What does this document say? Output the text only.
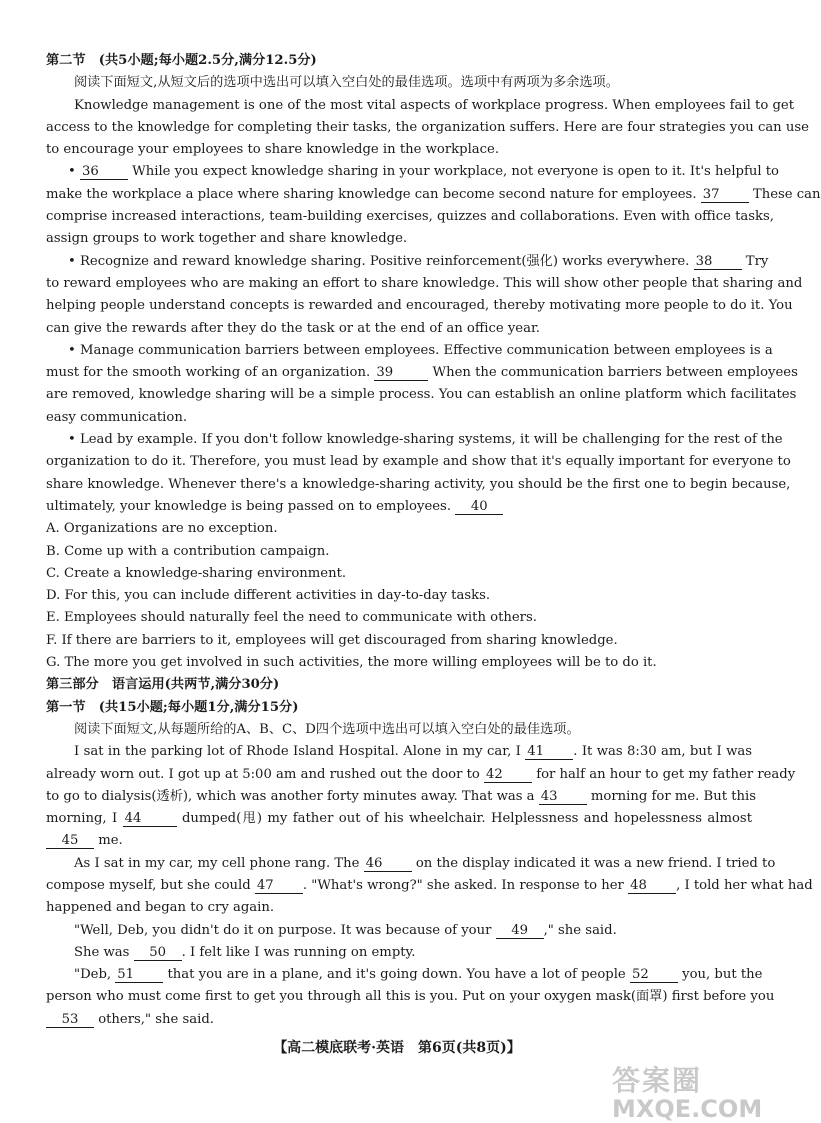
第二节　(共5小题;每小题2.5分,满分12.5分)
阅读下面短文,从短文后的选项中选出可以填入空白处的最佳选项。选项中有两项为多余选项。
Knowledge management is one of the most vital aspects of workplace progress. When employees fail to get
access to the knowledge for completing their tasks, the organization suffers. Here are four strategies you can use
to encourage your employees to share knowledge in the workplace.
• 36 While you expect knowledge sharing in your workplace, not everyone is open to it. It's helpful to
make the workplace a place where sharing knowledge can become second nature for employees. 37 These can
comprise increased interactions, team-building exercises, quizzes and collaborations. Even with office tasks,
assign groups to work together and share knowledge.
• Recognize and reward knowledge sharing. Positive reinforcement(强化) works everywhere. 38 Try
to reward employees who are making an effort to share knowledge. This will show other people that sharing and
helping people understand concepts is rewarded and encouraged, thereby motivating more people to do it. You
can give the rewards after they do the task or at the end of an office year.
• Manage communication barriers between employees. Effective communication between employees is a
must for the smooth working of an organization. 39	When the communication barriers between employees
are removed, knowledge sharing will be a simple process. You can establish an online platform which facilitates
easy communication.
• Lead by example. If you don't follow knowledge-sharing systems, it will be challenging for the rest of the
organization to do it. Therefore, you must lead by example and show that it's equally important for everyone to
share knowledge. Whenever there's a knowledge-sharing activity, you should be the first one to begin because,
ultimately, your knowledge is being passed on to employees. 40
A. Organizations are no exception.
B. Come up with a contribution campaign.
C. Create a knowledge-sharing environment.
D. For this, you can include different activities in day-to-day tasks.
E. Employees should naturally feel the need to communicate with others.
F. If there are barriers to it, employees will get discouraged from sharing knowledge.
G. The more you get involved in such activities, the more willing employees will be to do it.
第三部分　语言运用(共两节,满分30分)
第一节　(共15小题;每小题1分,满分15分)
阅读下面短文,从每题所给的A、B、C、D四个选项中选出可以填入空白处的最佳选项。
I sat in the parking lot of Rhode Island Hospital. Alone in my car, I 41 . It was 8:30 am, but I was
already worn out. I got up at 5:00 am and rushed out the door to 42 for half an hour to get my father ready
to go to dialysis(透析), which was another forty minutes away. That was a 43 morning for me. But this
morning, I 44	dumped(甩) my father out of his wheelchair. Helplessness and hopelessness almost
45 me.
As I sat in my car, my cell phone rang. The 46 on the display indicated it was a new friend. I tried to
compose myself, but she could 47 . "What's wrong?" she asked. In response to her 48 , I told her what had
happened and began to cry again.
"Well, Deb, you didn't do it on purpose. It was because of your 49 ," she said.
She was 50 . I felt like I was running on empty.
"Deb, 51 that you are in a plane, and it's going down. You have a lot of people 52 you, but the
person who must come first to get you through all this is you. Put on your oxygen mask(面罩) first before you
53 others," she said.
【高二模底联考·英语　第6页(共8页)】
答案圈
MXQE.COM
